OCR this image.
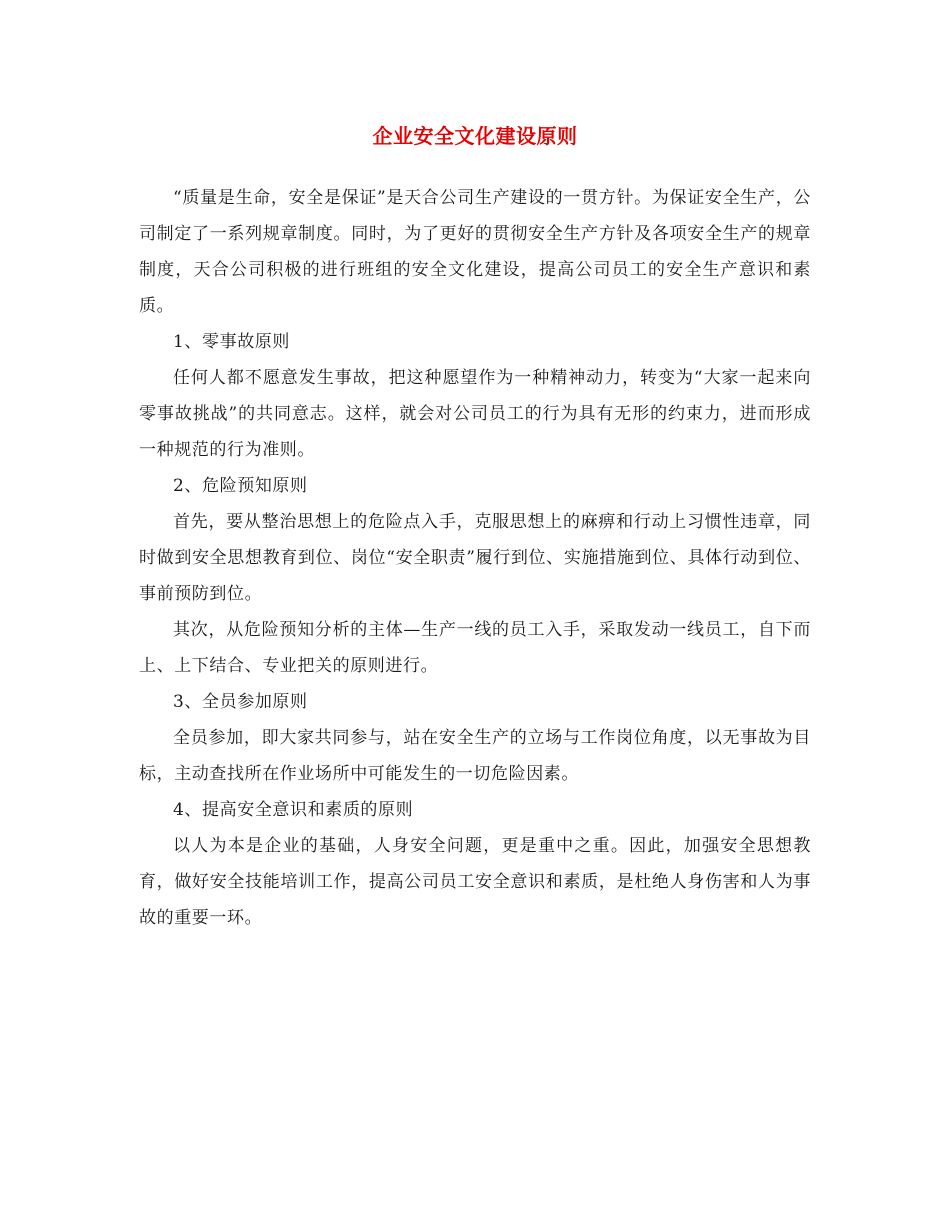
企业安全文化建设原则

“质量是生命，安全是保证”是天合公司生产建设的一贯方针。为保证安全生产，公司制定了一系列规章制度。同时，为了更好的贯彻安全生产方针及各项安全生产的规章制度，天合公司积极的进行班组的安全文化建设，提高公司员工的安全生产意识和素质。

1、零事故原则

任何人都不愿意发生事故，把这种愿望作为一种精神动力，转变为“大家一起来向零事故挑战”的共同意志。这样，就会对公司员工的行为具有无形的约束力，进而形成一种规范的行为准则。

2、危险预知原则

首先，要从整治思想上的危险点入手，克服思想上的麻痹和行动上习惯性违章，同时做到安全思想教育到位、岗位“安全职责”履行到位、实施措施到位、具体行动到位、事前预防到位。

其次，从危险预知分析的主体—生产一线的员工入手，采取发动一线员工，自下而上、上下结合、专业把关的原则进行。

3、全员参加原则

全员参加，即大家共同参与，站在安全生产的立场与工作岗位角度，以无事故为目标，主动查找所在作业场所中可能发生的一切危险因素。

4、提高安全意识和素质的原则

以人为本是企业的基础，人身安全问题，更是重中之重。因此，加强安全思想教育，做好安全技能培训工作，提高公司员工安全意识和素质，是杜绝人身伤害和人为事故的重要一环。
